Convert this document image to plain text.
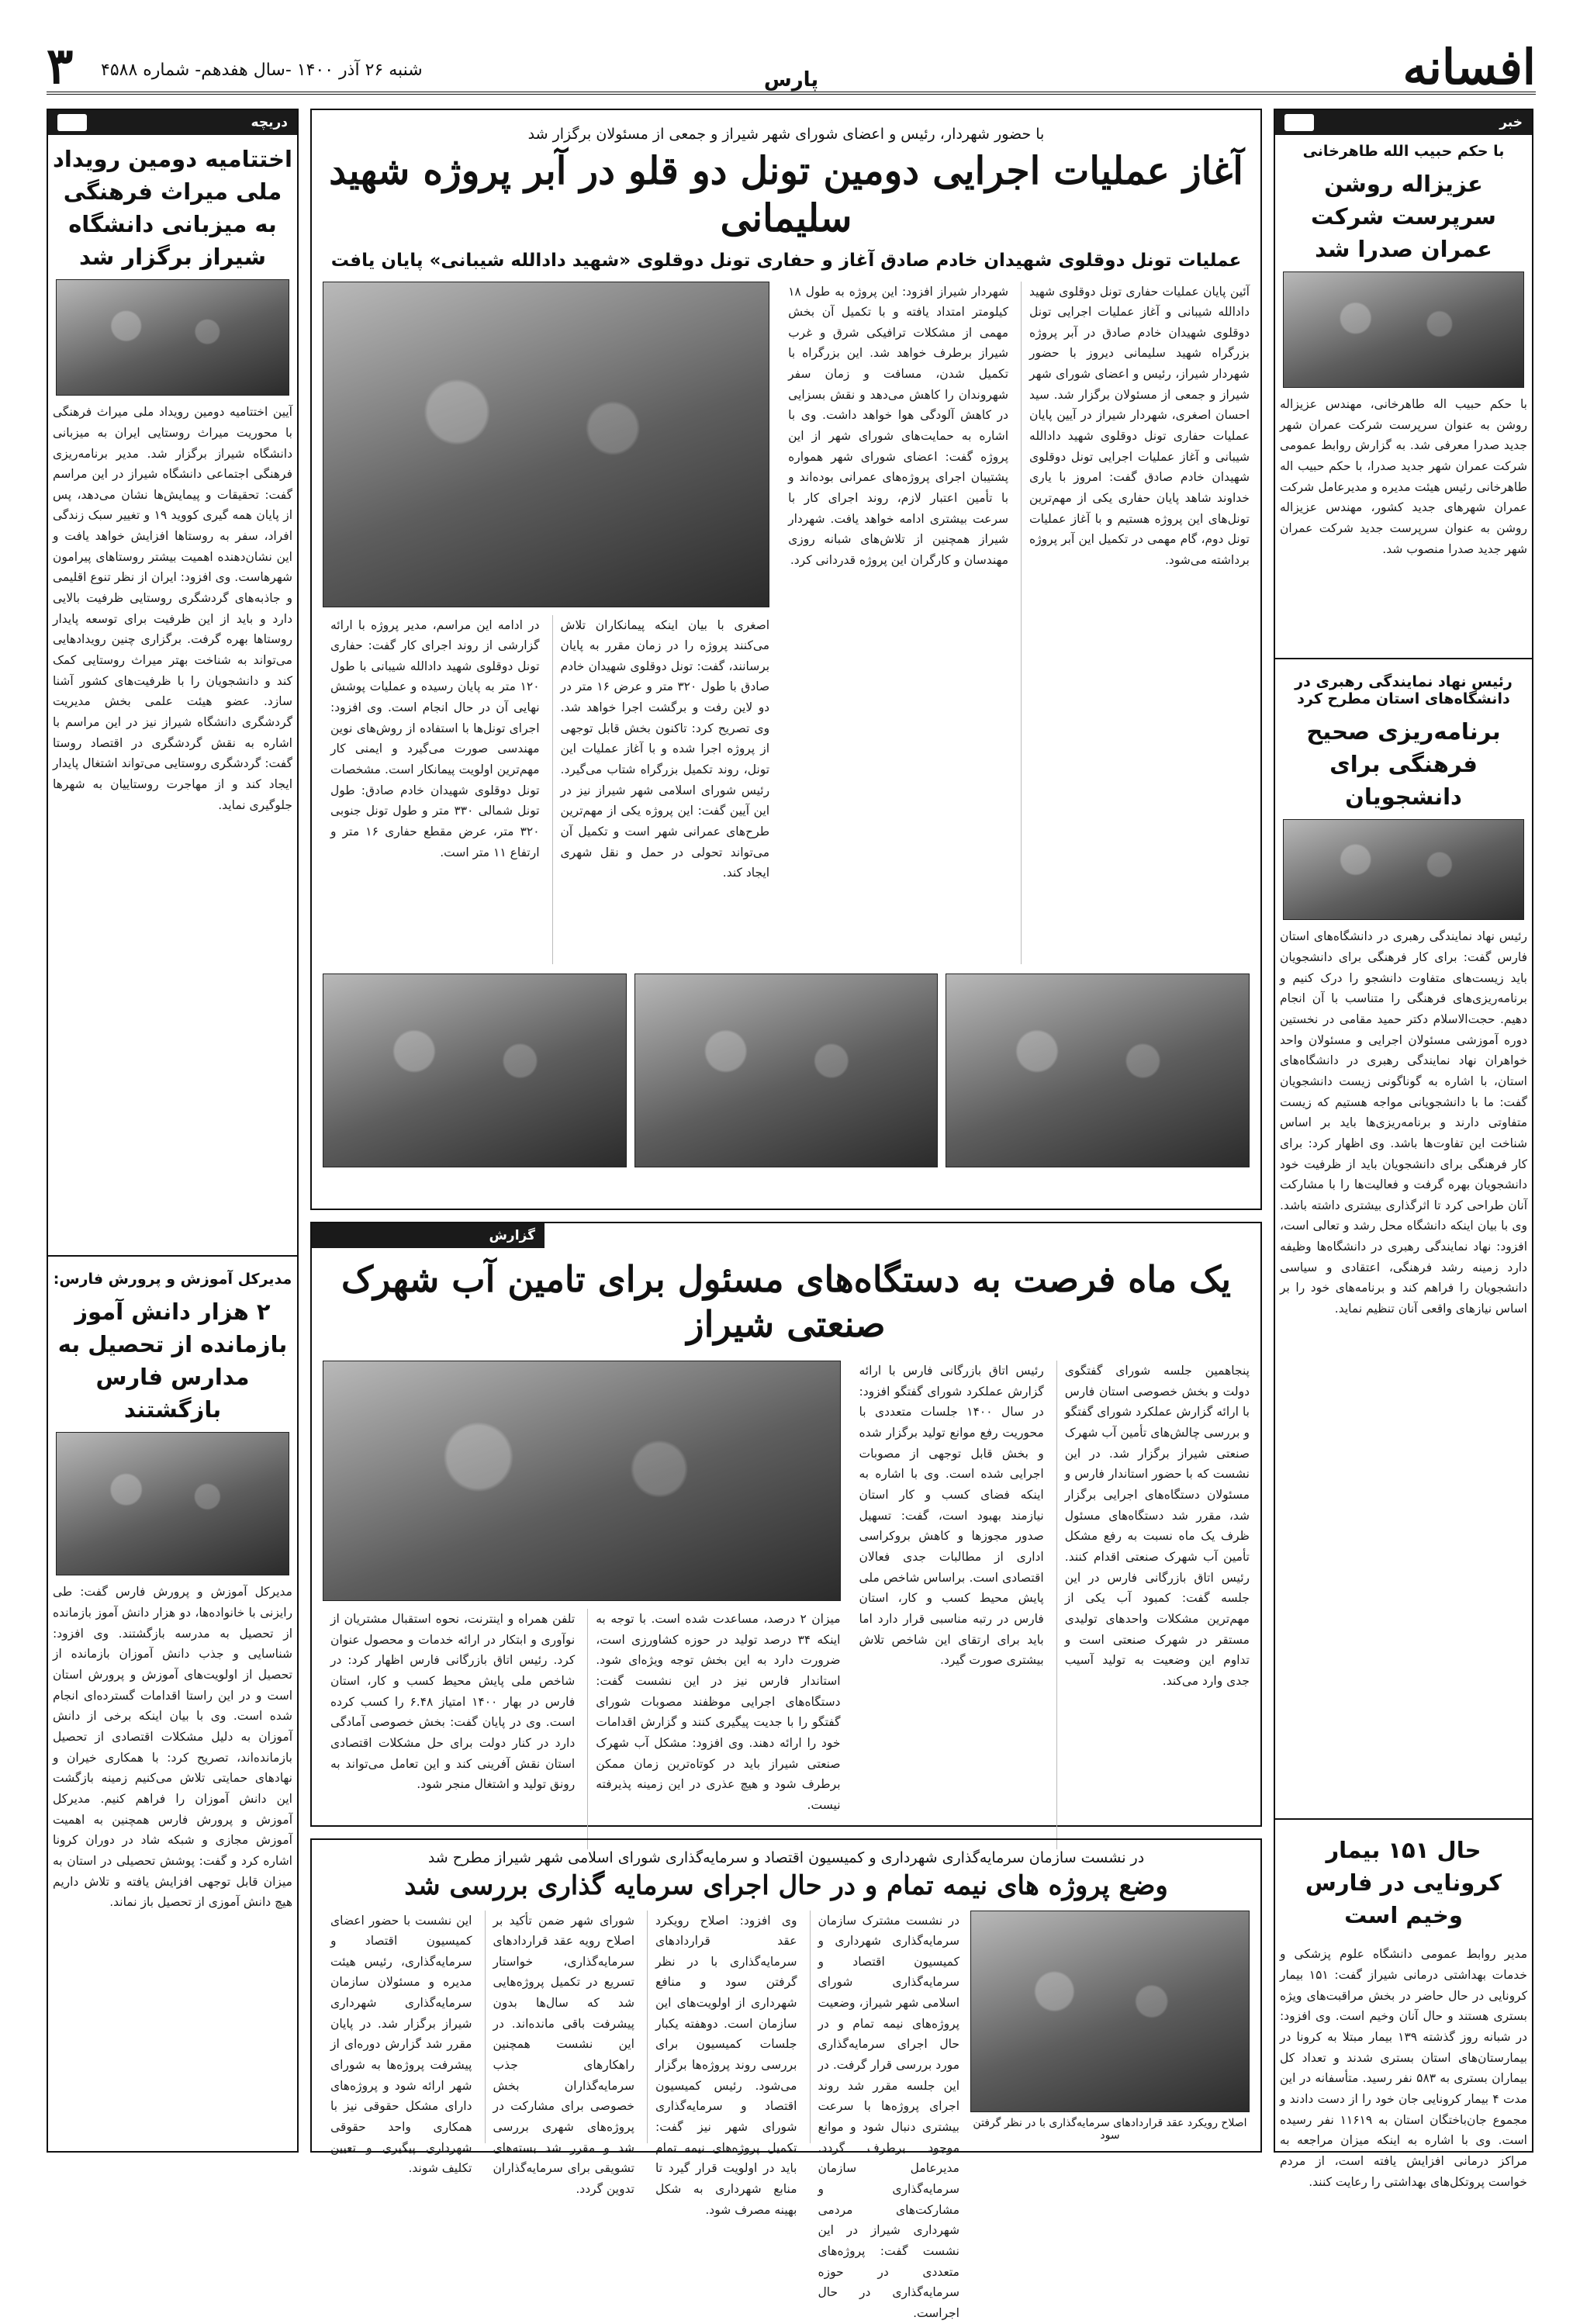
افسانه
پارس
۳ شنبه ۲۶ آذر ۱۴۰۰ -سال هفدهم- شماره ۴۵۸۸
خبر
با حکم حبیب الله طاهرخانی
عزیزاله روشن سرپرست شرکت عمران صدرا شد
با حکم حبیب اله طاهرخانی، مهندس عزیزاله روشن به عنوان سرپرست شرکت عمران شهر جدید صدرا معرفی شد. به گزارش روابط عمومی شرکت عمران شهر جدید صدرا، با حکم حبیب اله طاهرخانی رئیس هیئت مدیره و مدیرعامل شرکت عمران شهرهای جدید کشور، مهندس عزیزاله روشن به عنوان سرپرست جدید شرکت عمران شهر جدید صدرا منصوب شد.
رئیس نهاد نمایندگی رهبری در دانشگاه‌های استان مطرح کرد
برنامه‌ریزی صحیح فرهنگی برای دانشجویان
رئیس نهاد نمایندگی رهبری در دانشگاه‌های استان فارس گفت: برای کار فرهنگی برای دانشجویان باید زیست‌های متفاوت دانشجو را درک کنیم و برنامه‌ریزی‌های فرهنگی را متناسب با آن انجام دهیم. حجت‌الاسلام دکتر حمید مقامی در نخستین دوره آموزشی مسئولان اجرایی و مسئولان واحد خواهران نهاد نمایندگی رهبری در دانشگاه‌های استان، با اشاره به گوناگونی زیست دانشجویان گفت: ما با دانشجویانی مواجه هستیم که زیست متفاوتی دارند و برنامه‌ریزی‌ها باید بر اساس شناخت این تفاوت‌ها باشد. وی اظهار کرد: برای کار فرهنگی برای دانشجویان باید از ظرفیت خود دانشجویان بهره گرفت و فعالیت‌ها را با مشارکت آنان طراحی کرد تا اثرگذاری بیشتری داشته باشد. وی با بیان اینکه دانشگاه محل رشد و تعالی است، افزود: نهاد نمایندگی رهبری در دانشگاه‌ها وظیفه دارد زمینه رشد فرهنگی، اعتقادی و سیاسی دانشجویان را فراهم کند و برنامه‌های خود را بر اساس نیازهای واقعی آنان تنظیم نماید.
حال ۱۵۱ بیمار کرونایی در فارس وخیم است
مدیر روابط عمومی دانشگاه علوم پزشکی و خدمات بهداشتی درمانی شیراز گفت: ۱۵۱ بیمار کرونایی در حال حاضر در بخش مراقبت‌های ویژه بستری هستند و حال آنان وخیم است. وی افزود: در شبانه روز گذشته ۱۳۹ بیمار مبتلا به کرونا در بیمارستان‌های استان بستری شدند و تعداد کل بیماران بستری به ۵۸۳ نفر رسید. متأسفانه در این مدت ۴ بیمار کرونایی جان خود را از دست دادند و مجموع جان‌باختگان استان به ۱۱۶۱۹ نفر رسیده است. وی با اشاره به اینکه میزان مراجعه به مراکز درمانی افزایش یافته است، از مردم خواست پروتکل‌های بهداشتی را رعایت کنند.
دریچه
اختتامیه دومین رویداد ملی میراث فرهنگی به میزبانی دانشگاه شیراز برگزار شد
آیین اختتامیه دومین رویداد ملی میراث فرهنگی با محوریت میراث روستایی ایران به میزبانی دانشگاه شیراز برگزار شد. مدیر برنامه‌ریزی فرهنگی اجتماعی دانشگاه شیراز در این مراسم گفت: تحقیقات و پیمایش‌ها نشان می‌دهد، پس از پایان همه گیری کووید ۱۹ و تغییر سبک زندگی افراد، سفر به روستاها افزایش خواهد یافت و این نشان‌دهنده اهمیت بیشتر روستاهای پیرامون شهرهاست. وی افزود: ایران از نظر تنوع اقلیمی و جاذبه‌های گردشگری روستایی ظرفیت بالایی دارد و باید از این ظرفیت برای توسعه پایدار روستاها بهره گرفت. برگزاری چنین رویدادهایی می‌تواند به شناخت بهتر میراث روستایی کمک کند و دانشجویان را با ظرفیت‌های کشور آشنا سازد. عضو هیئت علمی بخش مدیریت گردشگری دانشگاه شیراز نیز در این مراسم با اشاره به نقش گردشگری در اقتصاد روستا گفت: گردشگری روستایی می‌تواند اشتغال پایدار ایجاد کند و از مهاجرت روستاییان به شهرها جلوگیری نماید.
مدیرکل آموزش و پرورش فارس:
۲ هزار دانش آموز بازمانده از تحصیل به مدارس فارس بازگشتند
مدیرکل آموزش و پرورش فارس گفت: طی رایزنی با خانواده‌ها، دو هزار دانش آموز بازمانده از تحصیل به مدرسه بازگشتند. وی افزود: شناسایی و جذب دانش آموزان بازمانده از تحصیل از اولویت‌های آموزش و پرورش استان است و در این راستا اقدامات گسترده‌ای انجام شده است. وی با بیان اینکه برخی از دانش آموزان به دلیل مشکلات اقتصادی از تحصیل بازمانده‌اند، تصریح کرد: با همکاری خیران و نهادهای حمایتی تلاش می‌کنیم زمینه بازگشت این دانش آموزان را فراهم کنیم. مدیرکل آموزش و پرورش فارس همچنین به اهمیت آموزش مجازی و شبکه شاد در دوران کرونا اشاره کرد و گفت: پوشش تحصیلی در استان به میزان قابل توجهی افزایش یافته و تلاش داریم هیچ دانش آموزی از تحصیل باز نماند.
با حضور شهردار، رئیس و اعضای شورای شهر شیراز و جمعی از مسئولان برگزار شد
آغاز عملیات اجرایی دومین تونل دو قلو در آبر پروژه شهید سلیمانی
عملیات تونل دوقلوی شهیدان خادم صادق آغاز و حفاری تونل دوقلوی «شهید دادالله شیبانی» پایان یافت
آئین پایان عملیات حفاری تونل دوقلوی شهید دادالله شیبانی و آغاز عملیات اجرایی تونل دوقلوی شهیدان خادم صادق در آبر پروژه بزرگراه شهید سلیمانی دیروز با حضور شهردار شیراز، رئیس و اعضای شورای شهر شیراز و جمعی از مسئولان برگزار شد. سید احسان اصغری، شهردار شیراز در آیین پایان عملیات حفاری تونل دوقلوی شهید دادالله شیبانی و آغاز عملیات اجرایی تونل دوقلوی شهیدان خادم صادق گفت: امروز با یاری خداوند شاهد پایان حفاری یکی از مهم‌ترین تونل‌های این پروژه هستیم و با آغاز عملیات تونل دوم، گام مهمی در تکمیل این آبر پروژه برداشته می‌شود.
شهردار شیراز افزود: این پروژه به طول ۱۸ کیلومتر امتداد یافته و با تکمیل آن بخش مهمی از مشکلات ترافیکی شرق و غرب شیراز برطرف خواهد شد. این بزرگراه با تکمیل شدن، مسافت و زمان سفر شهروندان را کاهش می‌دهد و نقش بسزایی در کاهش آلودگی هوا خواهد داشت. وی با اشاره به حمایت‌های شورای شهر از این پروژه گفت: اعضای شورای شهر همواره پشتیبان اجرای پروژه‌های عمرانی بوده‌اند و با تأمین اعتبار لازم، روند اجرای کار با سرعت بیشتری ادامه خواهد یافت. شهردار شیراز همچنین از تلاش‌های شبانه روزی مهندسان و کارگران این پروژه قدردانی کرد.
اصغری با بیان اینکه پیمانکاران تلاش می‌کنند پروژه را در زمان مقرر به پایان برسانند، گفت: تونل دوقلوی شهیدان خادم صادق با طول ۳۲۰ متر و عرض ۱۶ متر در دو لاین رفت و برگشت اجرا خواهد شد. وی تصریح کرد: تاکنون بخش قابل توجهی از پروژه اجرا شده و با آغاز عملیات این تونل، روند تکمیل بزرگراه شتاب می‌گیرد. رئیس شورای اسلامی شهر شیراز نیز در این آیین گفت: این پروژه یکی از مهم‌ترین طرح‌های عمرانی شهر است و تکمیل آن می‌تواند تحولی در حمل و نقل شهری ایجاد کند.
در ادامه این مراسم، مدیر پروژه با ارائه گزارشی از روند اجرای کار گفت: حفاری تونل دوقلوی شهید دادالله شیبانی با طول ۱۲۰ متر به پایان رسیده و عملیات پوشش نهایی آن در حال انجام است. وی افزود: اجرای تونل‌ها با استفاده از روش‌های نوین مهندسی صورت می‌گیرد و ایمنی کار مهم‌ترین اولویت پیمانکار است. مشخصات تونل دوقلوی شهیدان خادم صادق: طول تونل شمالی ۳۳۰ متر و طول تونل جنوبی ۳۲۰ متر، عرض مقطع حفاری ۱۶ متر و ارتفاع ۱۱ متر است.
گزارش
یک ماه فرصت به دستگاه‌های مسئول برای تامین آب شهرک صنعتی شیراز
پنجاهمین جلسه شورای گفتگوی دولت و بخش خصوصی استان فارس با ارائه گزارش عملکرد شورای گفتگو و بررسی چالش‌های تأمین آب شهرک صنعتی شیراز برگزار شد. در این نشست که با حضور استاندار فارس و مسئولان دستگاه‌های اجرایی برگزار شد، مقرر شد دستگاه‌های مسئول ظرف یک ماه نسبت به رفع مشکل تأمین آب شهرک صنعتی اقدام کنند. رئیس اتاق بازرگانی فارس در این جلسه گفت: کمبود آب یکی از مهم‌ترین مشکلات واحدهای تولیدی مستقر در شهرک صنعتی است و تداوم این وضعیت به تولید آسیب جدی وارد می‌کند.
رئیس اتاق بازرگانی فارس با ارائه گزارش عملکرد شورای گفتگو افزود: در سال ۱۴۰۰ جلسات متعددی با محوریت رفع موانع تولید برگزار شده و بخش قابل توجهی از مصوبات اجرایی شده است. وی با اشاره به اینکه فضای کسب و کار استان نیازمند بهبود است، گفت: تسهیل صدور مجوزها و کاهش بروکراسی اداری از مطالبات جدی فعالان اقتصادی است. براساس شاخص ملی پایش محیط کسب و کار، استان فارس در رتبه مناسبی قرار دارد اما باید برای ارتقای این شاخص تلاش بیشتری صورت گیرد.
میزان ۲ درصد، مساعدت شده است. با توجه به اینکه ۳۴ درصد تولید در حوزه کشاورزی است، ضرورت دارد به این بخش توجه ویژه‌ای شود. استاندار فارس نیز در این نشست گفت: دستگاه‌های اجرایی موظفند مصوبات شورای گفتگو را با جدیت پیگیری کنند و گزارش اقدامات خود را ارائه دهند. وی افزود: مشکل آب شهرک صنعتی شیراز باید در کوتاه‌ترین زمان ممکن برطرف شود و هیچ عذری در این زمینه پذیرفته نیست.
تلفن همراه و اینترنت، نحوه استقبال مشتریان از نوآوری و ابتکار در ارائه خدمات و محصول عنوان کرد. رئیس اتاق بازرگانی فارس اظهار کرد: در شاخص ملی پایش محیط کسب و کار، استان فارس در بهار ۱۴۰۰ امتیاز ۶.۴۸ را کسب کرده است. وی در پایان گفت: بخش خصوصی آمادگی دارد در کنار دولت برای حل مشکلات اقتصادی استان نقش آفرینی کند و این تعامل می‌تواند به رونق تولید و اشتغال منجر شود.
در نشست سازمان سرمایه‌گذاری شهرداری و کمیسیون اقتصاد و سرمایه‌گذاری شورای اسلامی شهر شیراز مطرح شد
وضع پروژه های نیمه تمام و در حال اجرای سرمایه گذاری بررسی شد
اصلاح رویکرد عقد قراردادهای سرمایه‌گذاری با در نظر گرفتن سود
در نشست مشترک سازمان سرمایه‌گذاری شهرداری و کمیسیون اقتصاد و سرمایه‌گذاری شورای اسلامی شهر شیراز، وضعیت پروژه‌های نیمه تمام و در حال اجرای سرمایه‌گذاری مورد بررسی قرار گرفت. در این جلسه مقرر شد روند اجرای پروژه‌ها با سرعت بیشتری دنبال شود و موانع موجود برطرف گردد. مدیرعامل سازمان سرمایه‌گذاری و مشارکت‌های مردمی شهرداری شیراز در این نشست گفت: پروژه‌های متعددی در حوزه سرمایه‌گذاری در حال اجراست.
وی افزود: اصلاح رویکرد عقد قراردادهای سرمایه‌گذاری با در نظر گرفتن سود و منافع شهرداری از اولویت‌های این سازمان است. دوهفته یکبار جلسات کمیسیون برای بررسی روند پروژه‌ها برگزار می‌شود. رئیس کمیسیون اقتصاد و سرمایه‌گذاری شورای شهر نیز گفت: تکمیل پروژه‌های نیمه تمام باید در اولویت قرار گیرد تا منابع شهرداری به شکل بهینه مصرف شود.
شورای شهر ضمن تأکید بر اصلاح رویه عقد قراردادهای سرمایه‌گذاری، خواستار تسریع در تکمیل پروژه‌هایی شد که سال‌ها بدون پیشرفت باقی مانده‌اند. در این نشست همچنین راهکارهای جذب سرمایه‌گذاران بخش خصوصی برای مشارکت در پروژه‌های شهری بررسی شد و مقرر شد بسته‌های تشویقی برای سرمایه‌گذاران تدوین گردد.
این نشست با حضور اعضای کمیسیون اقتصاد و سرمایه‌گذاری، رئیس هیئت مدیره و مسئولان سازمان سرمایه‌گذاری شهرداری شیراز برگزار شد. در پایان مقرر شد گزارش دوره‌ای از پیشرفت پروژه‌ها به شورای شهر ارائه شود و پروژه‌های دارای مشکل حقوقی نیز با همکاری واحد حقوقی شهرداری پیگیری و تعیین تکلیف شوند.
